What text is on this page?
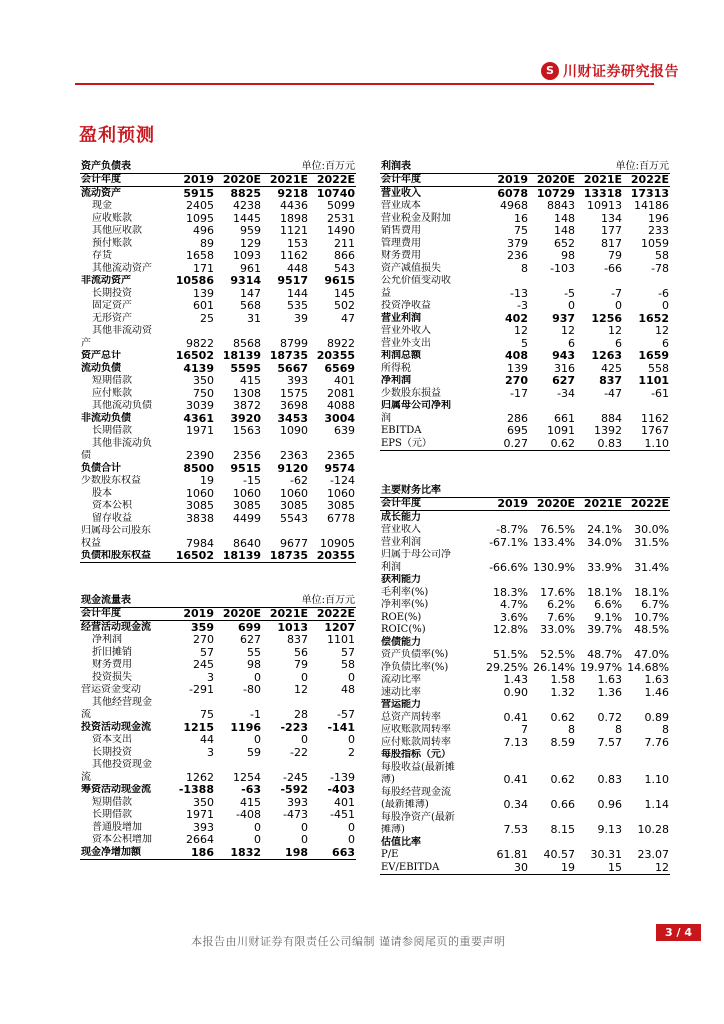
S 川财证券研究报告
盈利预测
资产负债表			单位:百万元	
会计年度	2019	2020E	2021E	2022E
流动资产	5915	8825	9218	10740
现金	2405	4238	4436	5099
应收账款	1095	1445	1898	2531
其他应收款	496	959	1121	1490
预付账款	89	129	153	211
存货	1658	1093	1162	866
其他流动资产	171	961	448	543
非流动资产	10586	9314	9517	9615
长期投资	139	147	144	145
固定资产	601	568	535	502
无形资产	25	31	39	47
其他非流动资				
产	9822	8568	8799	8922
资产总计	16502	18139	18735	20355
流动负债	4139	5595	5667	6569
短期借款	350	415	393	401
应付账款	750	1308	1575	2081
其他流动负债	3039	3872	3698	4088
非流动负债	4361	3920	3453	3004
长期借款	1971	1563	1090	639
其他非流动负				
债	2390	2356	2363	2365
负债合计	8500	9515	9120	9574
少数股东权益	19	-15	-62	-124
股本	1060	1060	1060	1060
资本公积	3085	3085	3085	3085
留存收益	3838	4499	5543	6778
归属母公司股东				
权益	7984	8640	9677	10905
负债和股东权益	16502	18139	18735	20355
现金流量表			单位:百万元	
会计年度	2019	2020E	2021E	2022E
经营活动现金流	359	699	1013	1207
净利润	270	627	837	1101
折旧摊销	57	55	56	57
财务费用	245	98	79	58
投资损失	3	0	0	0
营运资金变动	-291	-80	12	48
其他经营现金				
流	75	-1	28	-57
投资活动现金流	1215	1196	-223	-141
资本支出	44	0	0	0
长期投资	3	59	-22	2
其他投资现金				
流	1262	1254	-245	-139
筹资活动现金流	-1388	-63	-592	-403
短期借款	350	415	393	401
长期借款	1971	-408	-473	-451
普通股增加	393	0	0	0
资本公积增加	2664	0	0	0
现金净增加额	186	1832	198	663
利润表			单位:百万元	
会计年度	2019	2020E	2021E	2022E
营业收入	6078	10729	13318	17313
营业成本	4968	8843	10913	14186
营业税金及附加	16	148	134	196
销售费用	75	148	177	233
管理费用	379	652	817	1059
财务费用	236	98	79	58
资产减值损失	8	-103	-66	-78
公允价值变动收				
益	-13	-5	-7	-6
投资净收益	-3	0	0	0
营业利润	402	937	1256	1652
营业外收入	12	12	12	12
营业外支出	5	6	6	6
利润总额	408	943	1263	1659
所得税	139	316	425	558
净利润	270	627	837	1101
少数股东损益	-17	-34	-47	-61
归属母公司净利				
润	286	661	884	1162
EBITDA	695	1091	1392	1767
EPS（元）	0.27	0.62	0.83	1.10
主要财务比率				
会计年度	2019	2020E	2021E	2022E
成长能力				
营业收入	-8.7%	76.5%	24.1%	30.0%
营业利润	-67.1%	133.4%	34.0%	31.5%
归属于母公司净				
利润	-66.6%	130.9%	33.9%	31.4%
获利能力				
毛利率(%)	18.3%	17.6%	18.1%	18.1%
净利率(%)	4.7%	6.2%	6.6%	6.7%
ROE(%)	3.6%	7.6%	9.1%	10.7%
ROIC(%)	12.8%	33.0%	39.7%	48.5%
偿债能力				
资产负债率(%)	51.5%	52.5%	48.7%	47.0%
净负债比率(%)	29.25%	26.14%	19.97%	14.68%
流动比率	1.43	1.58	1.63	1.63
速动比率	0.90	1.32	1.36	1.46
营运能力				
总资产周转率	0.41	0.62	0.72	0.89
应收账款周转率	7	8	8	8
应付账款周转率	7.13	8.59	7.57	7.76
每股指标（元）				
每股收益(最新摊				
薄)	0.41	0.62	0.83	1.10
每股经营现金流				
(最新摊薄)	0.34	0.66	0.96	1.14
每股净资产(最新				
摊薄)	7.53	8.15	9.13	10.28
估值比率				
P/E	61.81	40.57	30.31	23.07
EV/EBITDA	30	19	15	12
本报告由川财证券有限责任公司编制 谨请参阅尾页的重要声明
3 / 4
